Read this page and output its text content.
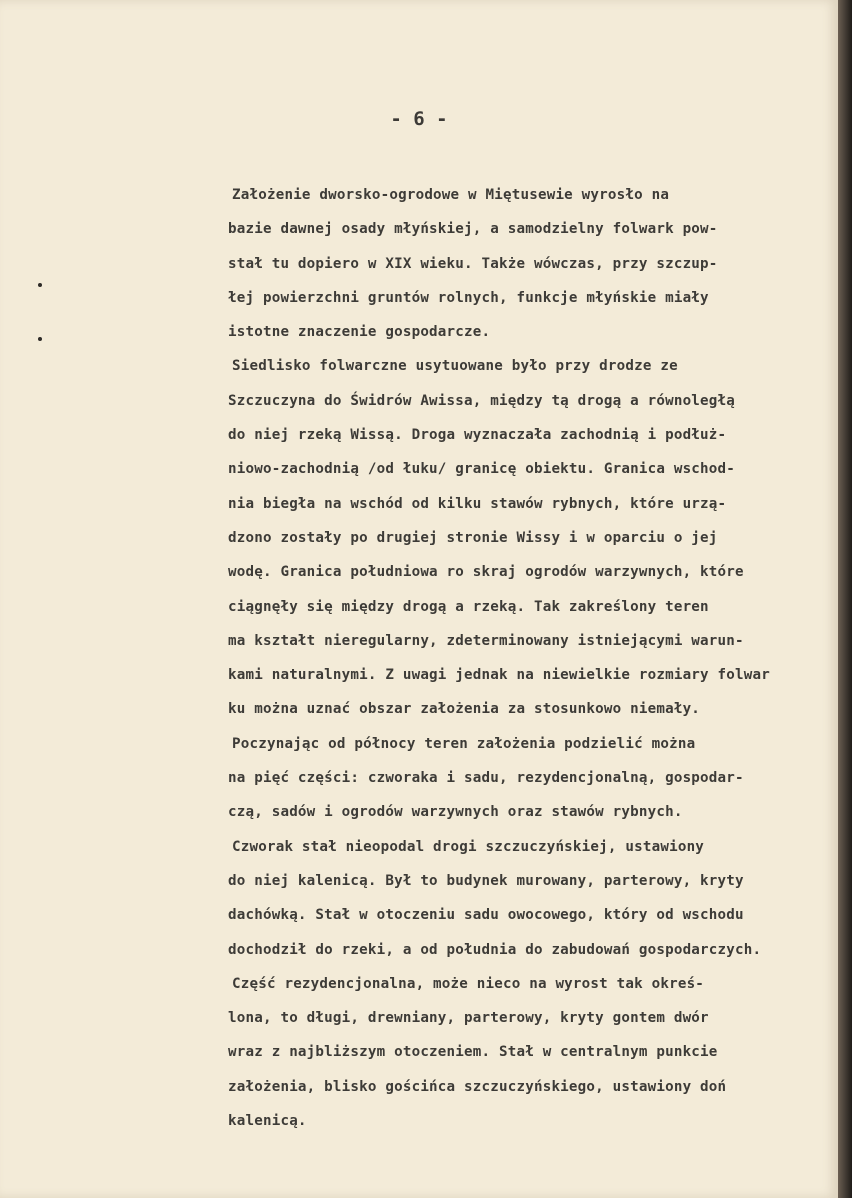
- 6 -
Założenie dworsko-ogrodowe w Miętusewie wyrosło na
bazie dawnej osady młyńskiej, a samodzielny folwark pow-
stał tu dopiero w XIX wieku. Także wówczas, przy szczup-
łej powierzchni gruntów rolnych, funkcje młyńskie miały
istotne znaczenie gospodarcze.
Siedlisko folwarczne usytuowane było przy drodze ze
Szczuczyna do Świdrów Awissa, między tą drogą a równoległą
do niej rzeką Wissą. Droga wyznaczała zachodnią i podłuż-
niowo-zachodnią /od łuku/ granicę obiektu. Granica wschod-
nia biegła na wschód od kilku stawów rybnych, które urzą-
dzono zostały po drugiej stronie Wissy i w oparciu o jej
wodę. Granica południowa ro skraj ogrodów warzywnych, które
ciągnęły się między drogą a rzeką. Tak zakreślony teren
ma kształt nieregularny, zdeterminowany istniejącymi warun-
kami naturalnymi. Z uwagi jednak na niewielkie rozmiary folwar
ku można uznać obszar założenia za stosunkowo niemały.
Poczynając od północy teren założenia podzielić można
na pięć części: czworaka i sadu, rezydencjonalną, gospodar-
czą, sadów i ogrodów warzywnych oraz stawów rybnych.
Czworak stał nieopodal drogi szczuczyńskiej, ustawiony
do niej kalenicą. Był to budynek murowany, parterowy, kryty
dachówką. Stał w otoczeniu sadu owocowego, który od wschodu
dochodził do rzeki, a od południa do zabudowań gospodarczych.
Część rezydencjonalna, może nieco na wyrost tak okreś-
lona, to długi, drewniany, parterowy, kryty gontem dwór
wraz z najbliższym otoczeniem. Stał w centralnym punkcie
założenia, blisko gościńca szczuczyńskiego, ustawiony doń
kalenicą.
